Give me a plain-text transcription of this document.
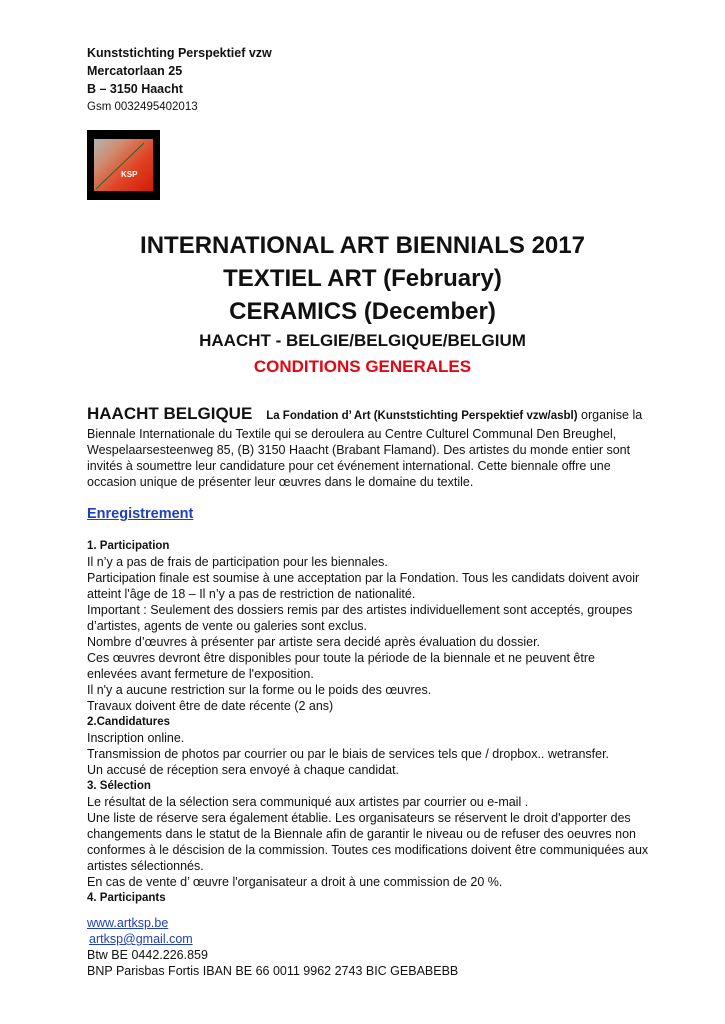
Kunststichting Perspektief vzw
Mercatorlaan 25
B – 3150 Haacht
Gsm 0032495402013
KSP
INTERNATIONAL ART BIENNIALS 2017
TEXTIEL ART (February)
CERAMICS (December)
HAACHT - BELGIE/BELGIQUE/BELGIUM
CONDITIONS GENERALES
HAACHT BELGIQUE La Fondation d’ Art (Kunststichting Perspektief vzw/asbl) organise la
Biennale Internationale du Textile qui se deroulera au Centre Culturel Communal Den Breughel,
Wespelaarsesteenweg 85, (B) 3150 Haacht (Brabant Flamand). Des artistes du monde entier sont
invités à soumettre leur candidature pour cet événement international. Cette biennale offre une
occasion unique de présenter leur œuvres dans le domaine du textile.
Enregistrement
1. Participation
Il n’y a pas de frais de participation pour les biennales.
Participation finale est soumise à une acceptation par la Fondation. Tous les candidats doivent avoir
atteint l'âge de 18 – Il n’y a pas de restriction de nationalité.
Important : Seulement des dossiers remis par des artistes individuellement sont acceptés, groupes
d’artistes, agents de vente ou galeries sont exclus.
Nombre d’œuvres à présenter par artiste sera decidé après évaluation du dossier.
Ces œuvres devront être disponibles pour toute la période de la biennale et ne peuvent être
enlevées avant fermeture de l'exposition.
Il n'y a aucune restriction sur la forme ou le poids des œuvres.
Travaux doivent être de date récente (2 ans)
2.Candidatures
Inscription online.
Transmission de photos par courrier ou par le biais de services tels que / dropbox.. wetransfer.
Un accusé de réception sera envoyé à chaque candidat.
3. Sélection
Le résultat de la sélection sera communiqué aux artistes par courrier ou e-mail .
Une liste de réserve sera également établie. Les organisateurs se réservent le droit d'apporter des
changements dans le statut de la Biennale afin de garantir le niveau ou de refuser des oeuvres non
conformes à le déscision de la commission. Toutes ces modifications doivent être communiquées aux
artistes sélectionnés.
En cas de vente d’ œuvre l'organisateur a droit à une commission de 20 %.
4. Participants
www.artksp.be
artksp@gmail.com
Btw BE 0442.226.859
BNP Parisbas Fortis IBAN BE 66 0011 9962 2743 BIC GEBABEBB
